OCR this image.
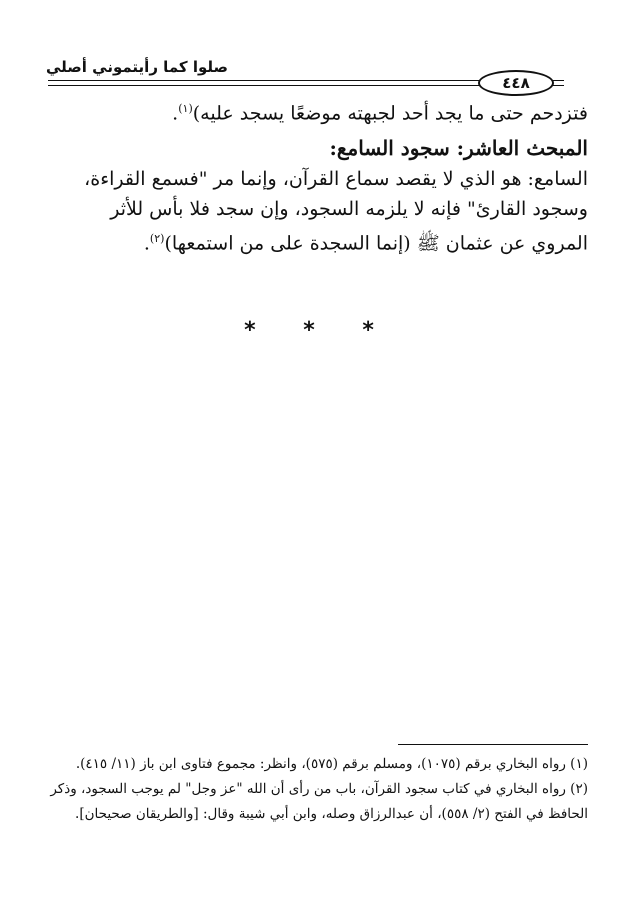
صلوا كما رأيتموني أصلي
٤٤٨

فتزدحم حتى ما يجد أحد لجبهته موضعًا يسجد عليه)$^{(١)}$.

المبحث العاشر: سجود السامع:

السامع: هو الذي لا يقصد سماع القرآن، وإنما مر "فسمع القراءة، وسجود القارئ" فإنه لا يلزمه السجود، وإن سجد فلا بأس للأثر المروي عن عثمان ﷺ (إنما السجدة على من استمعها)$^{(٢)}$.

* * *

(١) رواه البخاري برقم (١٠٧٥)، ومسلم برقم (٥٧٥)، وانظر: مجموع فتاوى ابن باز (١١/ ٤١٥).

(٢) رواه البخاري في كتاب سجود القرآن، باب من رأى أن الله "عز وجل" لم يوجب السجود، وذكر الحافظ في الفتح (٢/ ٥٥٨)، أن عبدالرزاق وصله، وابن أبي شيبة وقال: [والطريقان صحيحان].
